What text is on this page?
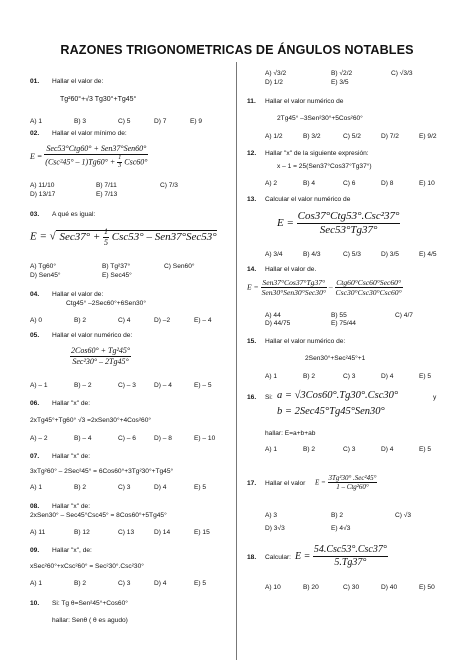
RAZONES TRIGONOMETRICAS DE ÁNGULOS NOTABLES
01. Hallar el valor de:
Tg²60°+√3 Tg30°+Tg45°
A) 1	B) 3	C) 5	D) 7	E) 9
02. Hallar el valor mínimo de:
E =
Sec53°Ctg60° + Sen37°Sen60°
$(Csc^245^\circ - 1)Tg60^\circ + \frac{1}{3} Csc60^\circ$
A) 11/10	B) 7/11	C) 7/3
D) 13/17	E) 7/13
03. A qué es igual:
E = √ $Sec37^\circ + \frac{1}{5} Csc53^\circ - Sen37^\circ Sec53^\circ$
A) Tg60°	B) Tg²37°	C) Sen60°
D) Sen45°	E) Sec45°
04. Hallar el valor de:
Ctg45° –2Sec60°+6Sen30°
A) 0	B) 2	C) 4	D) –2	E) – 4
05. Hallar el valor numérico de:
$\frac{\text{2Cos60° + Tg²45°}}{\text{Sec²30° – 2Tg45°}}$
A) – 1	B) – 2	C) – 3	D) – 4	E) – 5
06. Hallar "x" de:
2xTg45°+Tg60° √3 =2xSen30°+4Cos²60°
A) – 2	B) – 4	C) – 6	D) – 8	E) – 10
07. Hallar "x" de:
3xTg²60° – 2Sec²45° = 6Cos60°+3Tg²30°+Tg45°
A) 1	B) 2	C) 3	D) 4	E) 5
08. Hallar "x" de:
2xSen30° – Sec45°Csc45° = 8Cos60°+5Tg45°
A) 11	B) 12	C) 13	D) 14	E) 15
09. Hallar "x", de:
xSec²60°+xCsc²60° = Sec²30°.Csc²30°
A) 1	B) 2	C) 3	D) 4	E) 5
10. Si: Tg θ=Sen²45°+Cos60°
hallar: Senθ ( θ es agudo)
A) √3/2	B) √2/2	C) √3/3
D) 1/2	E) 3/5
11. Hallar el valor numérico de
2Tg45° –3Sen²30°+5Cos²60°
A) 1/2	B) 3/2	C) 5/2	D) 7/2	E) 9/2
12. Hallar "x" de la siguiente expresión:
x – 1 = 25(Sen37°Cos37°Tg37°)
A) 2	B) 4	C) 6	D) 8	E) 10
13. Calcular el valor numérico de
$E = \frac{\text{Cos37°Ctg53°.Csc²37°}}{\text{Sec53°Tg37°}}$
A) 3/4	B) 4/3	C) 5/3	D) 3/5	E) 4/5
14. Hallar el valor de.
$E = \frac{\text{Sen37°Cos37°Tg37°}}{\text{Sen30°Sen30°Sec30°}} - \frac{\text{Ctg60°Csc60°Sec60°}}{\text{Csc30°Csc30°Csc60°}}$
A) 44	B) 55	C) 4/7
D) 44/75	E) 75/44
15. Hallar el valor numérico de:
2Sen30°+Sec²45°+1
A) 1	B) 2	C) 3	D) 4	E) 5
16. Si: a = √3Cos60°.Tg30°.Csc30°	y
b = 2Sec45°Tg45°Sen30°
hallar: E=a+b+ab
A) 1	B) 2	C) 3	D) 4	E) 5
17. Hallar el valor $E = \frac{\text{3Tg²30° .Sec²45°}}{\text{1 – Ctg²60°}}$
A) 3	B) 2	C) √3
D) 3√3	E) 4√3
18. Calcular: $E = \frac{\text{54.Csc53°.Csc37°}}{5.Tg37^\circ}$
A) 10	B) 20	C) 30	D) 40	E) 50
